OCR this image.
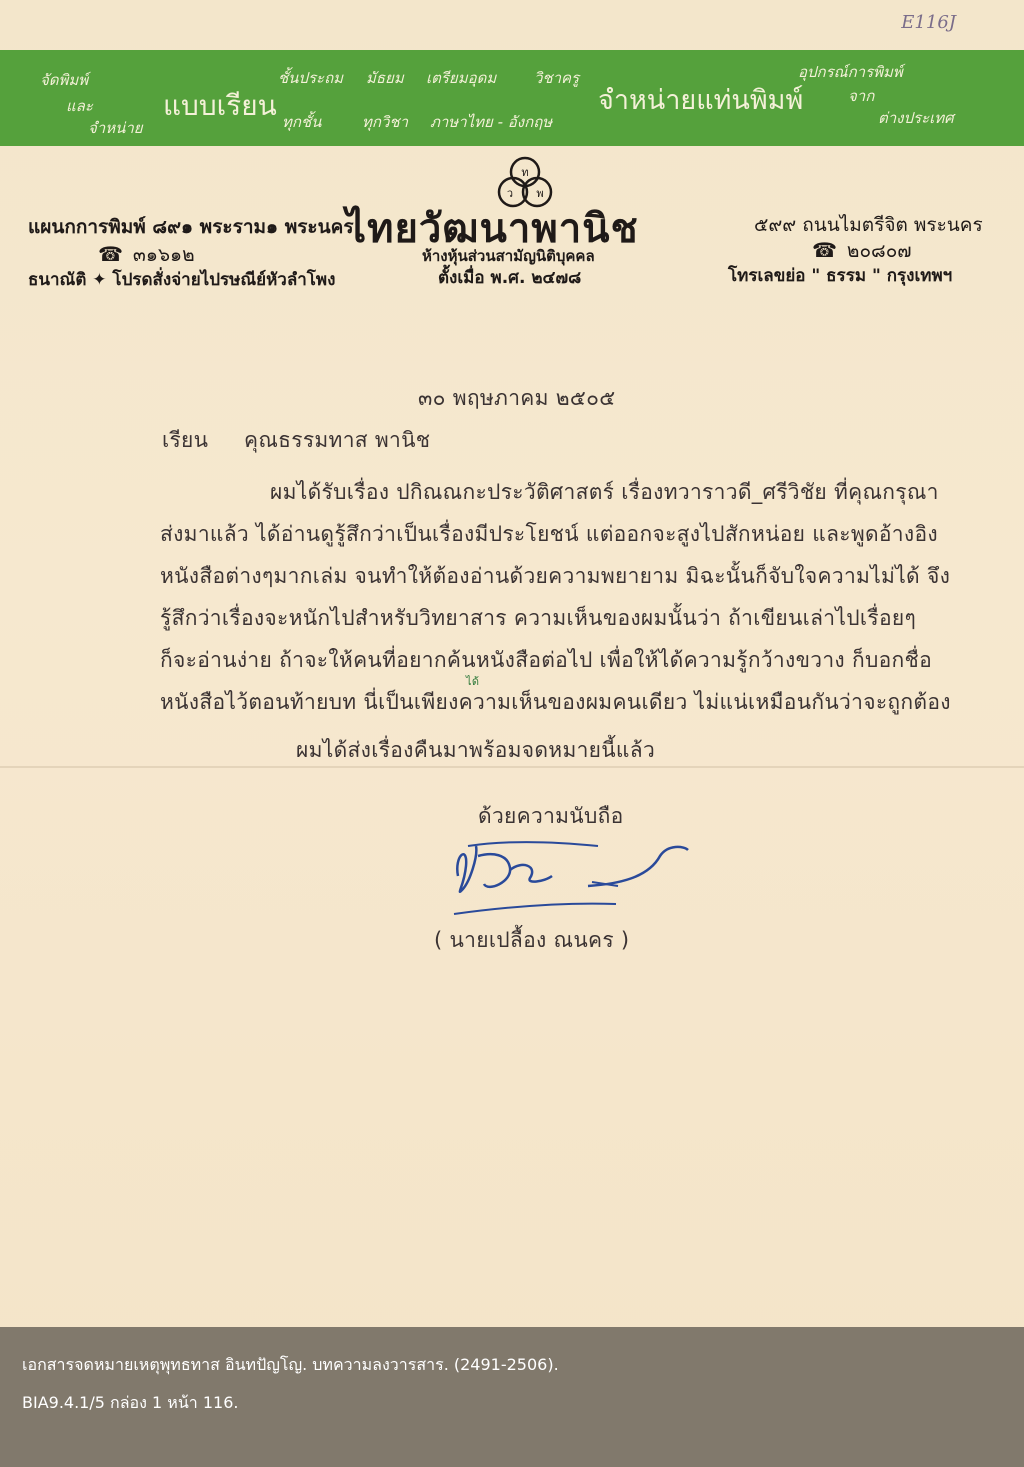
E116J
จัดพิมพ์
และ
จำหน่าย
แบบเรียน
ชั้นประถม มัธยม เตรียมอุดม	วิชาครู
ทุกชั้น	ทุกวิชา ภาษาไทย - อังกฤษ
จำหน่ายแท่นพิมพ์
อุปกรณ์การพิมพ์
จาก
ต่างประเทศ
ท
ว พ
แผนกการพิมพ์ ๘๙๑ พระราม๑ พระนคร
☎ ๓๑๖๑๒
ธนาณัติ ✦ โปรดสั่งจ่ายไปรษณีย์หัวลำโพง
ไทยวัฒนาพานิช
ห้างหุ้นส่วนสามัญนิติบุคคล
ตั้งเมื่อ พ.ศ. ๒๔๗๘
๕๙๙ ถนนไมตรีจิต พระนคร
☎ ๒๐๘๐๗
โทรเลขย่อ " ธรรม " กรุงเทพฯ
๓๐ พฤษภาคม ๒๕๐๕
เรียน คุณธรรมทาส พานิช
ผมได้รับเรื่อง ปกิณณกะประวัติศาสตร์ เรื่องทวาราวดี_ศรีวิชัย ที่คุณกรุณา
ส่งมาแล้ว ได้อ่านดูรู้สึกว่าเป็นเรื่องมีประโยชน์ แต่ออกจะสูงไปสักหน่อย และพูดอ้างอิง
หนังสือต่างๆมากเล่ม จนทำให้ต้องอ่านด้วยความพยายาม มิฉะนั้นก็จับใจความไม่ได้ จึง
รู้สึกว่าเรื่องจะหนักไปสำหรับวิทยาสาร ความเห็นของผมนั้นว่า ถ้าเขียนเล่าไปเรื่อยๆ
ก็จะอ่านง่าย ถ้าจะให้คนที่อยากค้นหนังสือต่อไป เพื่อให้ได้ความรู้กว้างขวาง ก็บอกชื่อ
ได้
หนังสือไว้ตอนท้ายบท นี่เป็นเพียงความเห็นของผมคนเดียว ไม่แน่เหมือนกันว่าจะถูกต้อง
ผมได้ส่งเรื่องคืนมาพร้อมจดหมายนี้แล้ว
ด้วยความนับถือ
( นายเปลื้อง ณนคร )
เอกสารจดหมายเหตุพุทธทาส อินทปัญโญ. บทความลงวารสาร. (2491-2506).
BIA9.4.1/5 กล่อง 1 หน้า 116.
